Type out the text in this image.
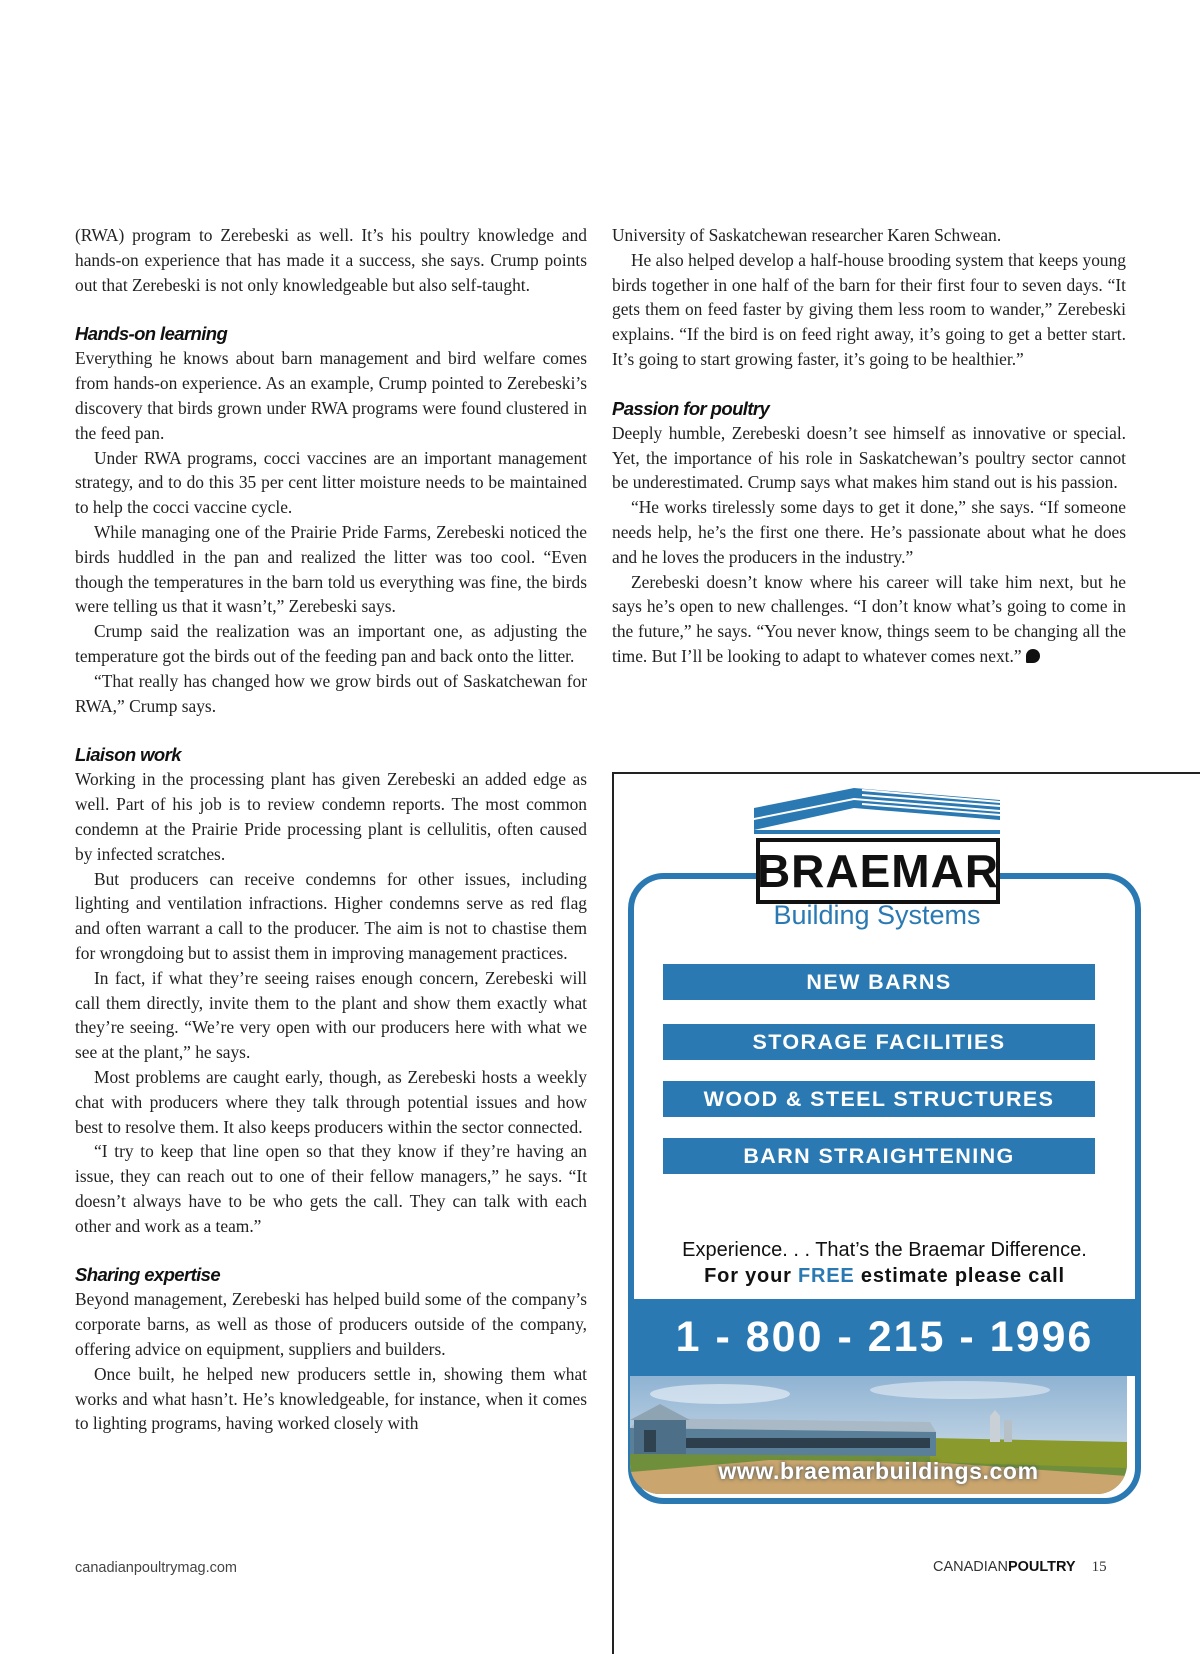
(RWA) program to Zerebeski as well. It’s his poultry knowledge and hands-on experience that has made it a success, she says. Crump points out that Zerebeski is not only knowledgeable but also self-taught.

Hands-on learning

Everything he knows about barn management and bird welfare comes from hands-on experience. As an example, Crump pointed to Zerebeski’s discovery that birds grown under RWA programs were found clustered in the feed pan.

Under RWA programs, cocci vaccines are an important management strategy, and to do this 35 per cent litter moisture needs to be maintained to help the cocci vaccine cycle.

While managing one of the Prairie Pride Farms, Zerebeski noticed the birds huddled in the pan and realized the litter was too cool. “Even though the temperatures in the barn told us everything was fine, the birds were telling us that it wasn’t,” Zerebeski says.

Crump said the realization was an important one, as adjusting the temperature got the birds out of the feeding pan and back onto the litter.

“That really has changed how we grow birds out of Saskatchewan for RWA,” Crump says.

Liaison work

Working in the processing plant has given Zerebeski an added edge as well. Part of his job is to review condemn reports. The most common condemn at the Prairie Pride processing plant is cellulitis, often caused by infected scratches.

But producers can receive condemns for other issues, including lighting and ventilation infractions. Higher condemns serve as red flag and often warrant a call to the producer. The aim is not to chastise them for wrongdoing but to assist them in improving management practices.

In fact, if what they’re seeing raises enough concern, Zerebeski will call them directly, invite them to the plant and show them exactly what they’re seeing. “We’re very open with our producers here with what we see at the plant,” he says.

Most problems are caught early, though, as Zerebeski hosts a weekly chat with producers where they talk through potential issues and how best to resolve them. It also keeps producers within the sector connected.

“I try to keep that line open so that they know if they’re having an issue, they can reach out to one of their fellow managers,” he says. “It doesn’t always have to be who gets the call. They can talk with each other and work as a team.”

Sharing expertise

Beyond management, Zerebeski has helped build some of the company’s corporate barns, as well as those of producers outside of the company, offering advice on equipment, suppliers and builders.

Once built, he helped new producers settle in, showing them what works and what hasn’t. He’s knowledgeable, for instance, when it comes to lighting programs, having worked closely with

University of Saskatchewan researcher Karen Schwean.

He also helped develop a half-house brooding system that keeps young birds together in one half of the barn for their first four to seven days. “It gets them on feed faster by giving them less room to wander,” Zerebeski explains. “If the bird is on feed right away, it’s going to get a better start. It’s going to start growing faster, it’s going to be healthier.”

Passion for poultry

Deeply humble, Zerebeski doesn’t see himself as innovative or special. Yet, the importance of his role in Saskatchewan’s poultry sector cannot be underestimated. Crump says what makes him stand out is his passion.

“He works tirelessly some days to get it done,” she says. “If someone needs help, he’s the first one there. He’s passionate about what he does and he loves the producers in the industry.”

Zerebeski doesn’t know where his career will take him next, but he says he’s open to new challenges. “I don’t know what’s going to come in the future,” he says. “You never know, things seem to be changing all the time. But I’ll be looking to adapt to whatever comes next.”

BRAEMAR
Building Systems
NEW BARNS
STORAGE FACILITIES
WOOD & STEEL STRUCTURES
BARN STRAIGHTENING
Experience. . . That’s the Braemar Difference.
For your FREE estimate please call
1 - 800 - 215 - 1996
www.braemarbuildings.com
canadianpoultrymag.com	CANADIANPOULTRY 15
